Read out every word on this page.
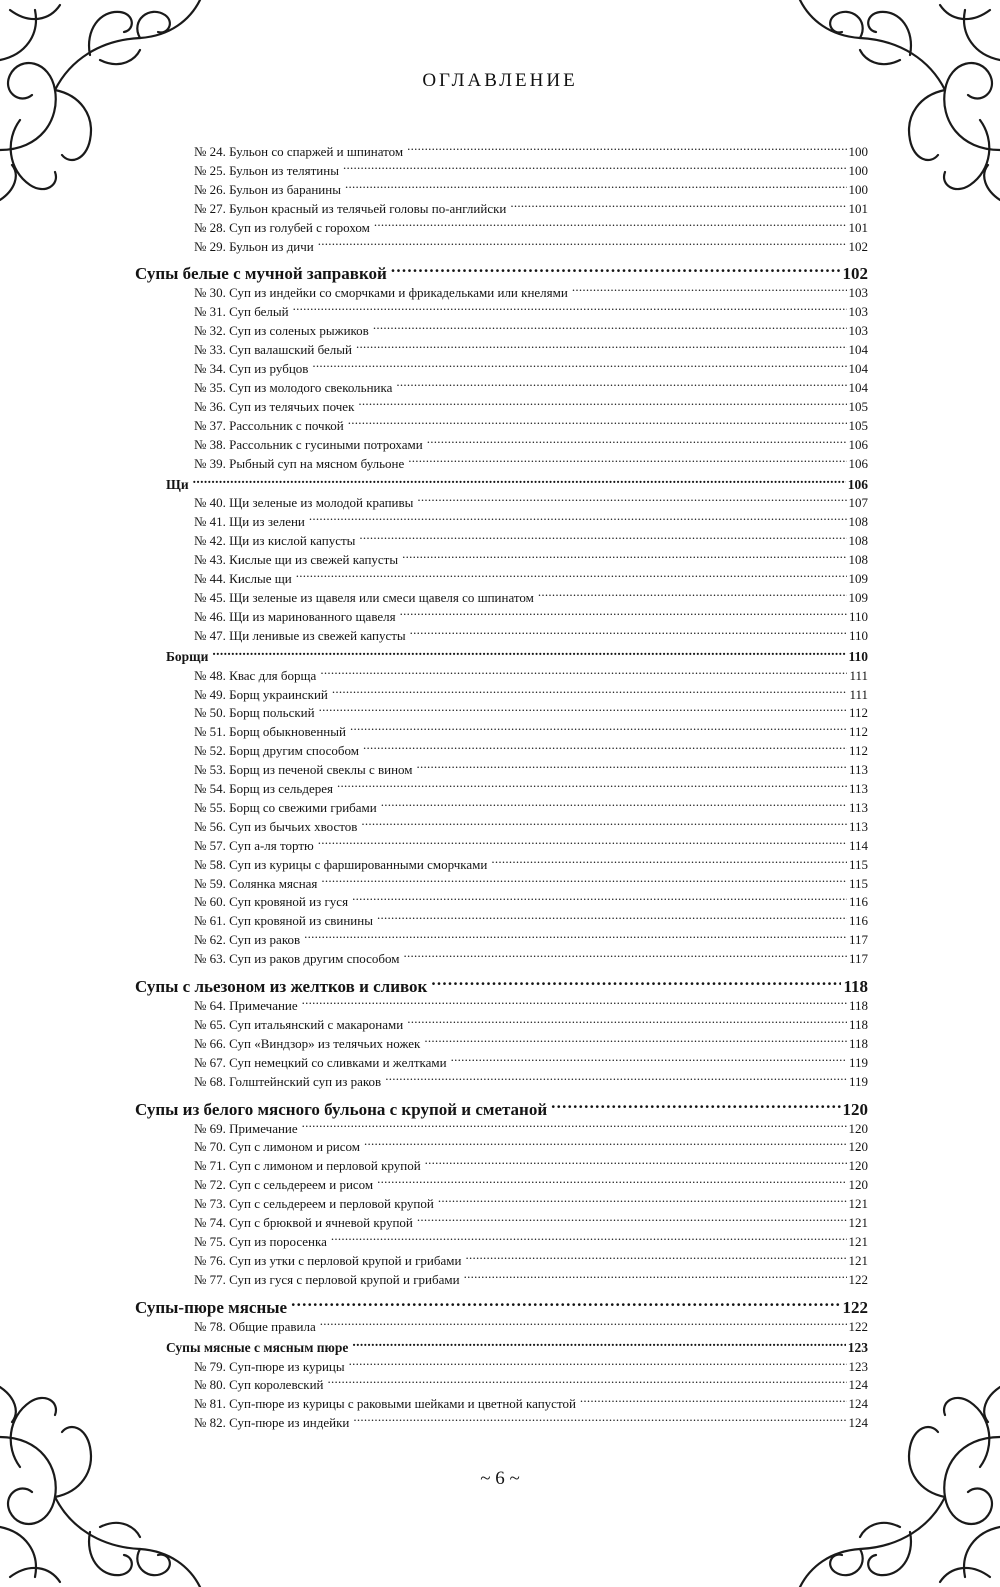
ОГЛАВЛЕНИЕ
№ 24. Бульон со спаржей и шпинатом . . .	100
№ 25. Бульон из телятины . . .	100
№ 26. Бульон из баранины . . .	100
№ 27. Бульон красный из телячьей головы по-английски . . .	101
№ 28. Суп из голубей с горохом . . .	101
№ 29. Бульон из дичи . . .	102
Супы белые с мучной заправкой . . .	102
№ 30. Суп из индейки со сморчками и фрикадельками или кнелями . . .	103
№ 31. Суп белый . . .	103
№ 32. Суп из соленых рыжиков . . .	103
№ 33. Суп валашский белый . . .	104
№ 34. Суп из рубцов . . .	104
№ 35. Суп из молодого свекольника . . .	104
№ 36. Суп из телячьих почек . . .	105
№ 37. Рассольник с почкой . . .	105
№ 38. Рассольник с гусиными потрохами . . .	106
№ 39. Рыбный суп на мясном бульоне . . .	106
Щи . . .	106
№ 40. Щи зеленые из молодой крапивы . . .	107
№ 41. Щи из зелени . . .	108
№ 42. Щи из кислой капусты . . .	108
№ 43. Кислые щи из свежей капусты . . .	108
№ 44. Кислые щи . . .	109
№ 45. Щи зеленые из щавеля или смеси щавеля со шпинатом . . .	109
№ 46. Щи из маринованного щавеля . . .	110
№ 47. Щи ленивые из свежей капусты . . .	110
Борщи . . .	110
№ 48. Квас для борща . . .	111
№ 49. Борщ украинский . . .	111
№ 50. Борщ польский . . .	112
№ 51. Борщ обыкновенный . . .	112
№ 52. Борщ другим способом . . .	112
№ 53. Борщ из печеной свеклы с вином . . .	113
№ 54. Борщ из сельдерея . . .	113
№ 55. Борщ со свежими грибами . . .	113
№ 56. Суп из бычьих хвостов . . .	113
№ 57. Суп а-ля тортю . . .	114
№ 58. Суп из курицы с фаршированными сморчками . . .	115
№ 59. Солянка мясная . . .	115
№ 60. Суп кровяной из гуся . . .	116
№ 61. Суп кровяной из свинины . . .	116
№ 62. Суп из раков . . .	117
№ 63. Суп из раков другим способом . . .	117
Супы с льезоном из желтков и сливок . . .	118
№ 64. Примечание . . .	118
№ 65. Суп итальянский с макаронами . . .	118
№ 66. Суп «Виндзор» из телячьих ножек . . .	118
№ 67. Суп немецкий со сливками и желтками . . .	119
№ 68. Голштейнский суп из раков . . .	119
Супы из белого мясного бульона с крупой и сметаной . . .	120
№ 69. Примечание . . .	120
№ 70. Суп с лимоном и рисом . . .	120
№ 71. Суп с лимоном и перловой крупой . . .	120
№ 72. Суп с сельдереем и рисом . . .	120
№ 73. Суп с сельдереем и перловой крупой . . .	121
№ 74. Суп с брюквой и ячневой крупой . . .	121
№ 75. Суп из поросенка . . .	121
№ 76. Суп из утки с перловой крупой и грибами . . .	121
№ 77. Суп из гуся с перловой крупой и грибами . . .	122
Супы-пюре мясные . . .	122
№ 78. Общие правила . . .	122
Супы мясные с мясным пюре . . .	123
№ 79. Суп-пюре из курицы . . .	123
№ 80. Суп королевский . . .	124
№ 81. Суп-пюре из курицы с раковыми шейками и цветной капустой . . .	124
№ 82. Суп-пюре из индейки . . .	124
~ 6 ~
